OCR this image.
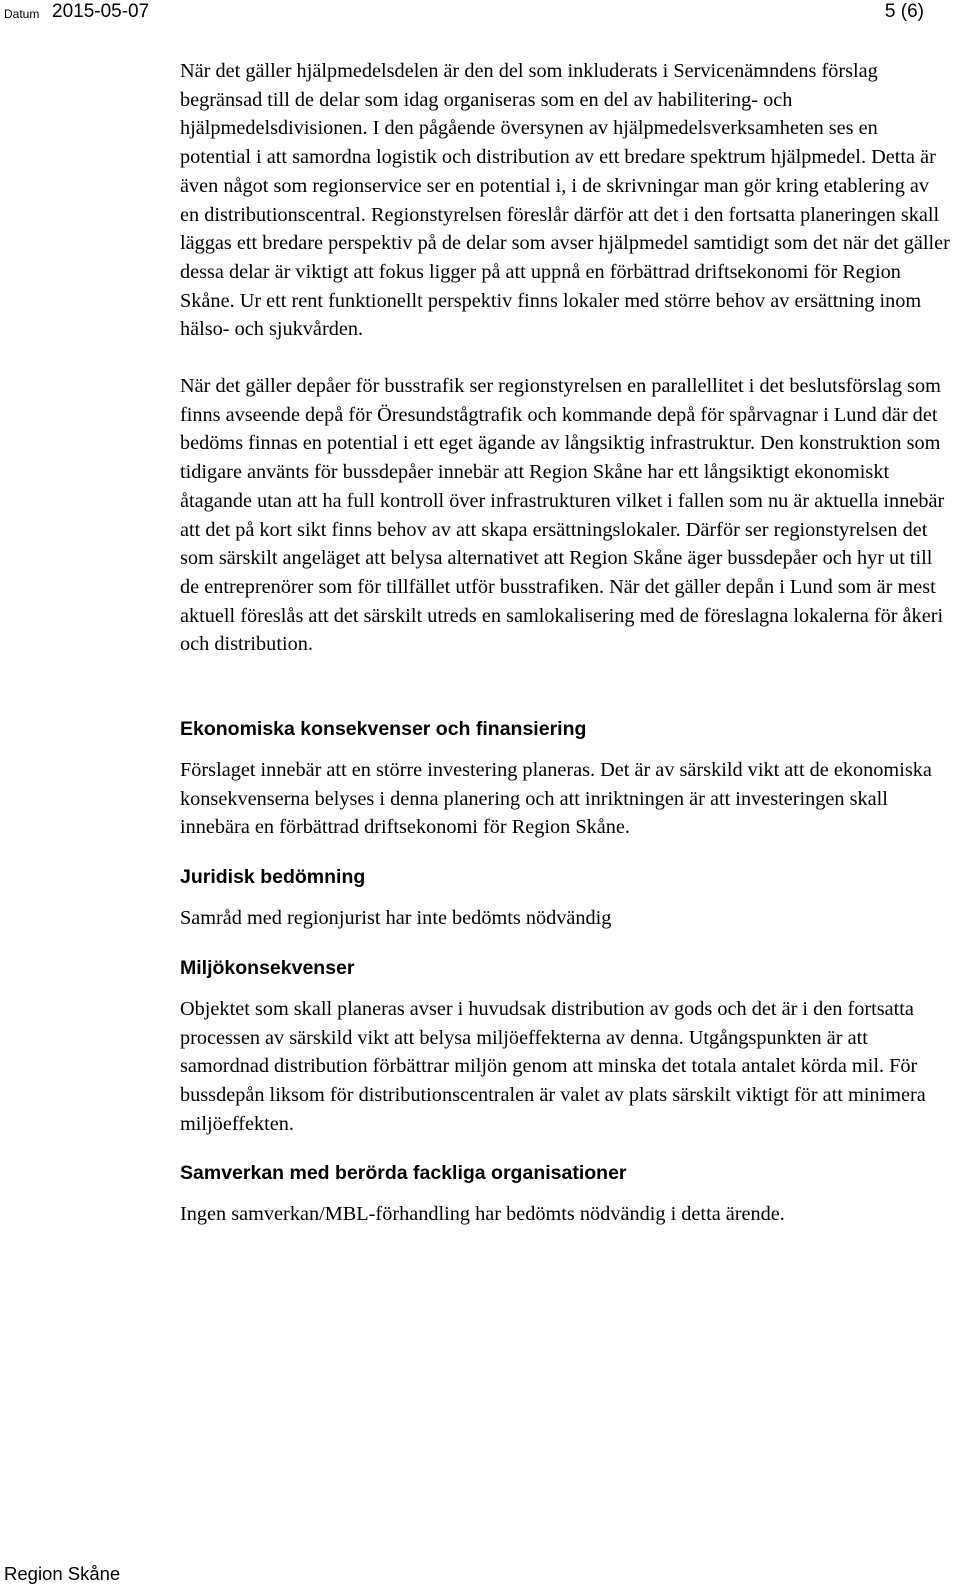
Datum 2015-05-07	5 (6)

När det gäller hjälpmedelsdelen är den del som inkluderats i Servicenämndens förslag begränsad till de delar som idag organiseras som en del av habilitering- och hjälpmedelsdivisionen. I den pågående översynen av hjälpmedelsverksamheten ses en potential i att samordna logistik och distribution av ett bredare spektrum hjälpmedel. Detta är även något som regionservice ser en potential i, i de skrivningar man gör kring etablering av en distributionscentral. Regionstyrelsen föreslår därför att det i den fortsatta planeringen skall läggas ett bredare perspektiv på de delar som avser hjälpmedel samtidigt som det när det gäller dessa delar är viktigt att fokus ligger på att uppnå en förbättrad driftsekonomi för Region Skåne. Ur ett rent funktionellt perspektiv finns lokaler med större behov av ersättning inom hälso- och sjukvården.

När det gäller depåer för busstrafik ser regionstyrelsen en parallellitet i det beslutsförslag som finns avseende depå för Öresundstågtrafik och kommande depå för spårvagnar i Lund där det bedöms finnas en potential i ett eget ägande av långsiktig infrastruktur. Den konstruktion som tidigare använts för bussdepåer innebär att Region Skåne har ett långsiktigt ekonomiskt åtagande utan att ha full kontroll över infrastrukturen vilket i fallen som nu är aktuella innebär att det på kort sikt finns behov av att skapa ersättningslokaler. Därför ser regionstyrelsen det som särskilt angeläget att belysa alternativet att Region Skåne äger bussdepåer och hyr ut till de entreprenörer som för tillfället utför busstrafiken. När det gäller depån i Lund som är mest aktuell föreslås att det särskilt utreds en samlokalisering med de föreslagna lokalerna för åkeri och distribution.

Ekonomiska konsekvenser och finansiering

Förslaget innebär att en större investering planeras. Det är av särskild vikt att de ekonomiska konsekvenserna belyses i denna planering och att inriktningen är att investeringen skall innebära en förbättrad driftsekonomi för Region Skåne.

Juridisk bedömning

Samråd med regionjurist har inte bedömts nödvändig

Miljökonsekvenser

Objektet som skall planeras avser i huvudsak distribution av gods och det är i den fortsatta processen av särskild vikt att belysa miljöeffekterna av denna. Utgångspunkten är att samordnad distribution förbättrar miljön genom att minska det totala antalet körda mil. För bussdepån liksom för distributionscentralen är valet av plats särskilt viktigt för att minimera miljöeffekten.

Samverkan med berörda fackliga organisationer

Ingen samverkan/MBL-förhandling har bedömts nödvändig i detta ärende.

Region Skåne
